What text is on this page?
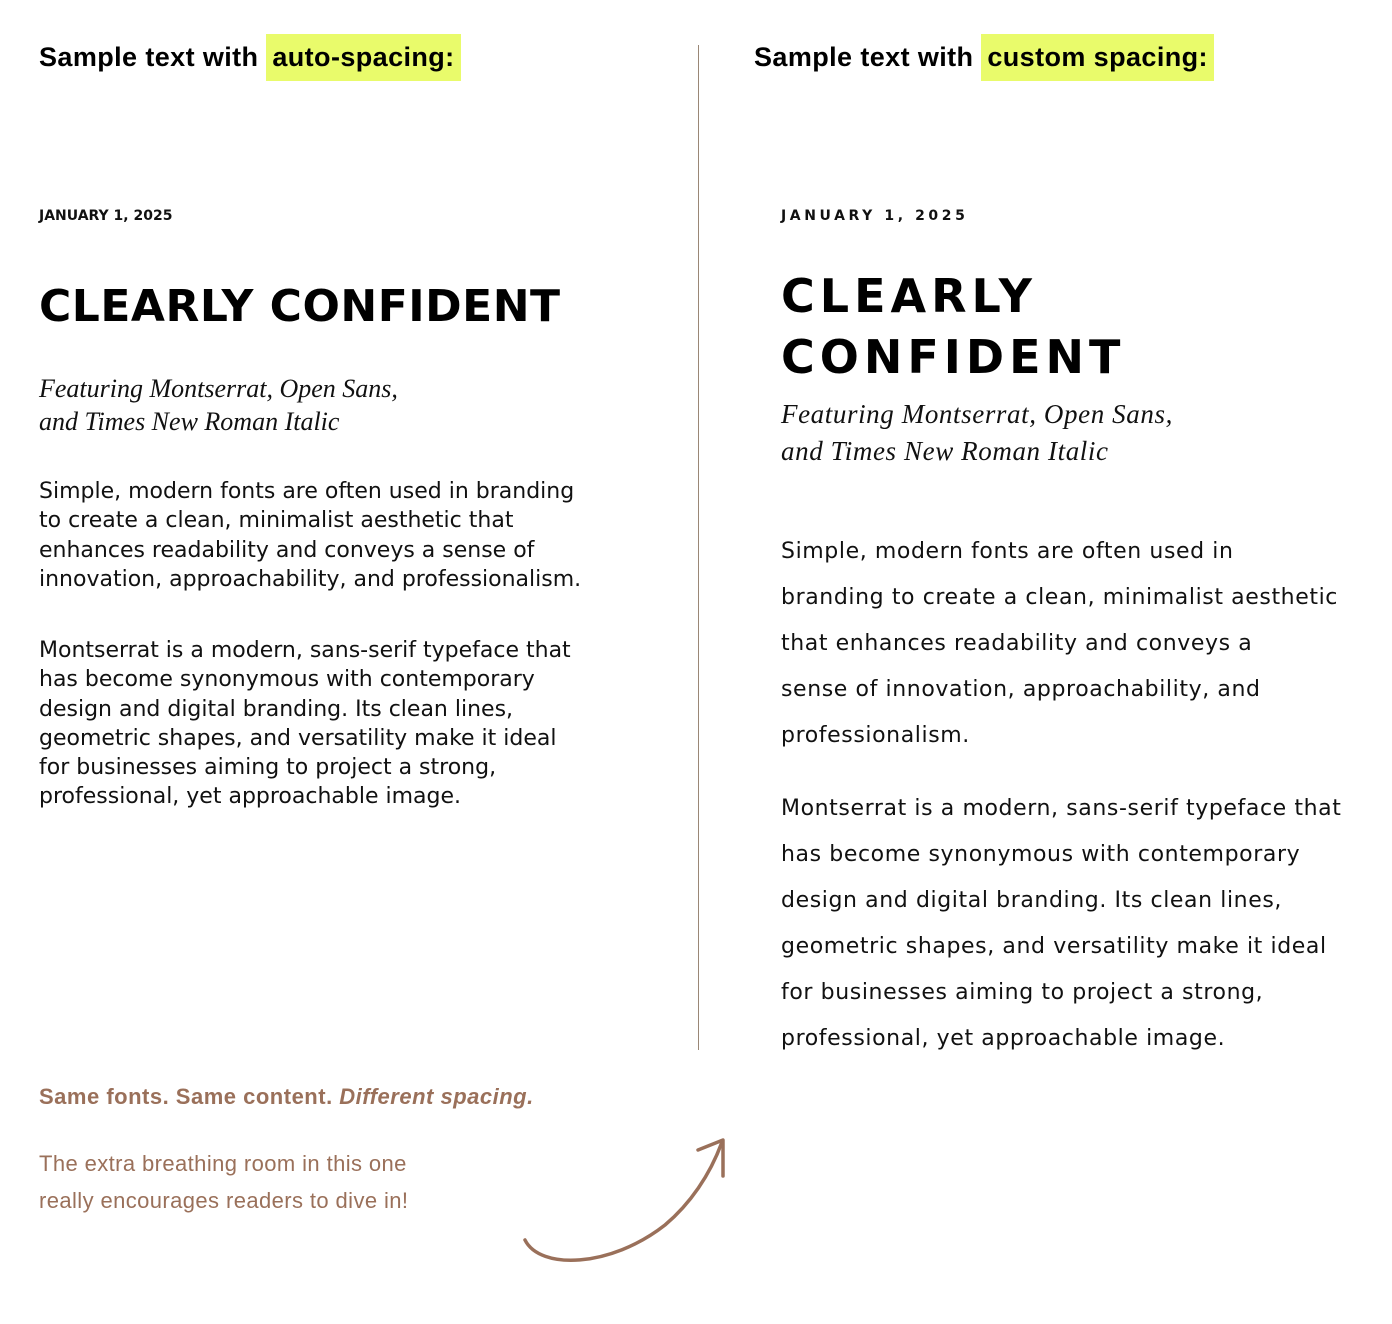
Sample text with auto-spacing:	Sample text with custom spacing:
JANUARY 1, 2025
CLEARLY CONFIDENT

Featuring Montserrat, Open Sans,
and Times New Roman Italic

Simple, modern fonts are often used in branding
to create a clean, minimalist aesthetic that
enhances readability and conveys a sense of
innovation, approachability, and professionalism.

Montserrat is a modern, sans-serif typeface that
has become synonymous with contemporary
design and digital branding. Its clean lines,
geometric shapes, and versatility make it ideal
for businesses aiming to project a strong,
professional, yet approachable image.

JANUARY 1, 2025
CLEARLY
CONFIDENT

Featuring Montserrat, Open Sans,
and Times New Roman Italic

Simple, modern fonts are often used in
branding to create a clean, minimalist aesthetic
that enhances readability and conveys a
sense of innovation, approachability, and
professionalism.

Montserrat is a modern, sans-serif typeface that
has become synonymous with contemporary
design and digital branding. Its clean lines,
geometric shapes, and versatility make it ideal
for businesses aiming to project a strong,
professional, yet approachable image.

Same fonts. Same content. Different spacing.

The extra breathing room in this one
really encourages readers to dive in!
